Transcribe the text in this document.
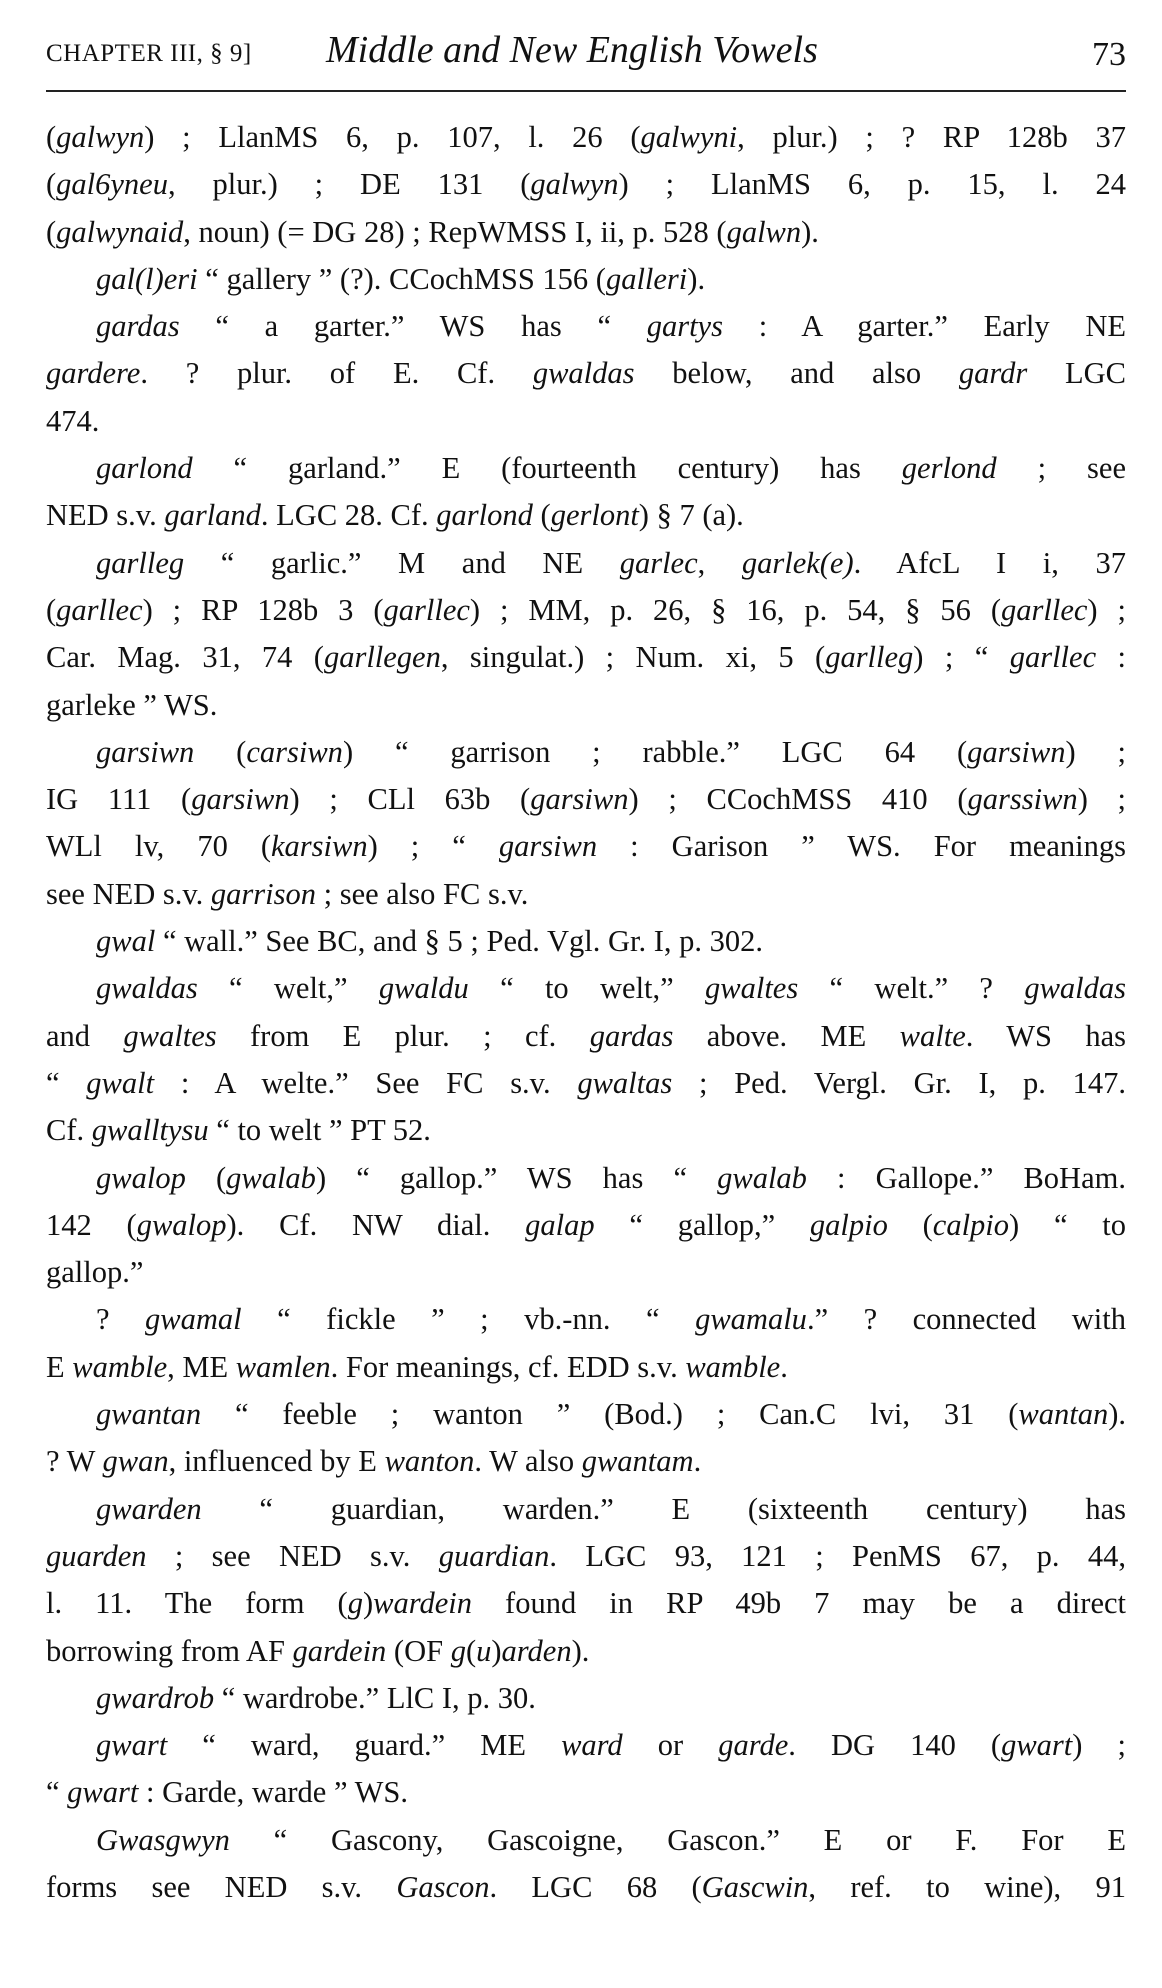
CHAPTER III, § 9] Middle and New English Vowels	73
(galwyn) ; LlanMS 6, p. 107, l. 26 (galwyni, plur.) ; ? RP 128b 37
(gal6yneu, plur.) ; DE 131 (galwyn) ; LlanMS 6, p. 15, l. 24
(galwynaid, noun) (= DG 28) ; RepWMSS I, ii, p. 528 (galwn).
gal(l)eri “ gallery ” (?). CCochMSS 156 (galleri).
gardas “ a garter.” WS has “ gartys : A garter.” Early NE
gardere. ? plur. of E. Cf. gwaldas below, and also gardr LGC
474.
garlond “ garland.” E (fourteenth century) has gerlond ; see
NED s.v. garland. LGC 28. Cf. garlond (gerlont) § 7 (a).
garlleg “ garlic.” M and NE garlec, garlek(e). AfcL I i, 37
(garllec) ; RP 128b 3 (garllec) ; MM, p. 26, § 16, p. 54, § 56 (garllec) ;
Car. Mag. 31, 74 (garllegen, singulat.) ; Num. xi, 5 (garlleg) ; “ garllec :
garleke ” WS.
garsiwn (carsiwn) “ garrison ; rabble.” LGC 64 (garsiwn) ;
IG 111 (garsiwn) ; CLl 63b (garsiwn) ; CCochMSS 410 (garssiwn) ;
WLl lv, 70 (karsiwn) ; “ garsiwn : Garison ” WS. For meanings
see NED s.v. garrison ; see also FC s.v.
gwal “ wall.” See BC, and § 5 ; Ped. Vgl. Gr. I, p. 302.
gwaldas “ welt,” gwaldu “ to welt,” gwaltes “ welt.” ? gwaldas
and gwaltes from E plur. ; cf. gardas above. ME walte. WS has
“ gwalt : A welte.” See FC s.v. gwaltas ; Ped. Vergl. Gr. I, p. 147.
Cf. gwalltysu “ to welt ” PT 52.
gwalop (gwalab) “ gallop.” WS has “ gwalab : Gallope.” BoHam.
142 (gwalop). Cf. NW dial. galap “ gallop,” galpio (calpio) “ to
gallop.”
? gwamal “ fickle ” ; vb.-nn. “ gwamalu.” ? connected with
E wamble, ME wamlen. For meanings, cf. EDD s.v. wamble.
gwantan “ feeble ; wanton ” (Bod.) ; Can.C lvi, 31 (wantan).
? W gwan, influenced by E wanton. W also gwantam.
gwarden “ guardian, warden.” E (sixteenth century) has
guarden ; see NED s.v. guardian. LGC 93, 121 ; PenMS 67, p. 44,
l. 11. The form (g)wardein found in RP 49b 7 may be a direct
borrowing from AF gardein (OF g(u)arden).
gwardrob “ wardrobe.” LlC I, p. 30.
gwart “ ward, guard.” ME ward or garde. DG 140 (gwart) ;
“ gwart : Garde, warde ” WS.
Gwasgwyn “ Gascony, Gascoigne, Gascon.” E or F. For E
forms see NED s.v. Gascon. LGC 68 (Gascwin, ref. to wine), 91
